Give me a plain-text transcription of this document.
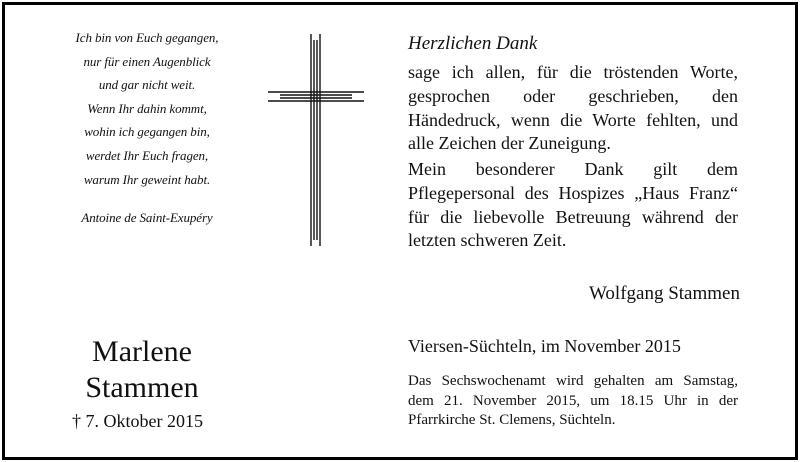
Ich bin von Euch gegangen,
nur für einen Augenblick
und gar nicht weit.
Wenn Ihr dahin kommt,
wohin ich gegangen bin,
werdet Ihr Euch fragen,
warum Ihr geweint habt.
Antoine de Saint-Exupéry
Herzlichen Dank

sage ich allen, für die tröstenden Worte,
gesprochen oder geschrieben, den
Händedruck, wenn die Worte fehlten, und
alle Zeichen der Zuneigung.

Mein besonderer Dank gilt dem
Pflegepersonal des Hospizes „Haus Franz“
für die liebevolle Betreuung während der
letzten schweren Zeit.

Wolfgang Stammen
Viersen-Süchteln, im November 2015

Das Sechswochenamt wird gehalten am Samstag,
dem 21. November 2015, um 18.15 Uhr in der
Pfarrkirche St. Clemens, Süchteln.

Marlene
Stammen
† 7. Oktober 2015
